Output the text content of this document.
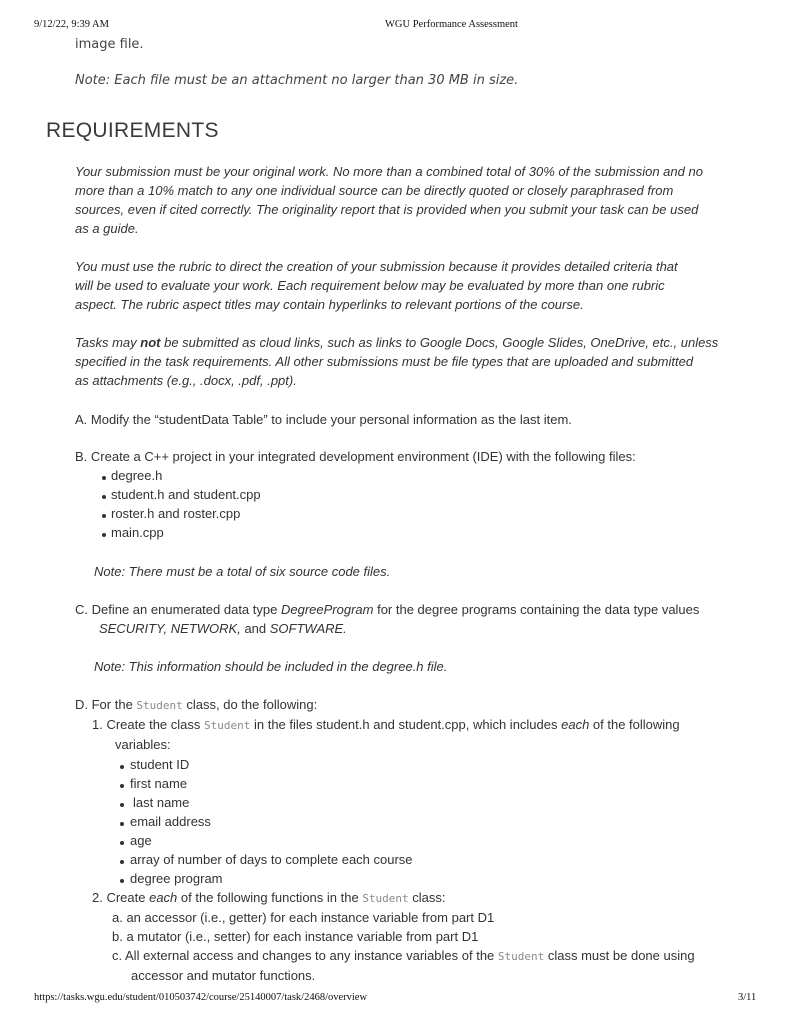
9/12/22, 9:39 AM	WGU Performance Assessment
image file.
Note: Each file must be an attachment no larger than 30 MB in size.
REQUIREMENTS
Your submission must be your original work. No more than a combined total of 30% of the submission and no
more than a 10% match to any one individual source can be directly quoted or closely paraphrased from
sources, even if cited correctly. The originality report that is provided when you submit your task can be used
as a guide.
You must use the rubric to direct the creation of your submission because it provides detailed criteria that
will be used to evaluate your work. Each requirement below may be evaluated by more than one rubric
aspect. The rubric aspect titles may contain hyperlinks to relevant portions of the course.
Tasks may not be submitted as cloud links, such as links to Google Docs, Google Slides, OneDrive, etc., unless
specified in the task requirements. All other submissions must be file types that are uploaded and submitted
as attachments (e.g., .docx, .pdf, .ppt).
A. Modify the “studentData Table” to include your personal information as the last item.
B. Create a C++ project in your integrated development environment (IDE) with the following files:
degree.h
student.h and student.cpp
roster.h and roster.cpp
main.cpp
Note: There must be a total of six source code files.
C. Define an enumerated data type DegreeProgram for the degree programs containing the data type values
SECURITY, NETWORK, and SOFTWARE.
Note: This information should be included in the degree.h file.
D. For the Student class, do the following:
1. Create the class Student in the files student.h and student.cpp, which includes each of the following
variables:
student ID
first name
last name
email address
age
array of number of days to complete each course
degree program
2. Create each of the following functions in the Student class:
a. an accessor (i.e., getter) for each instance variable from part D1
b. a mutator (i.e., setter) for each instance variable from part D1
c. All external access and changes to any instance variables of the Student class must be done using
accessor and mutator functions.
https://tasks.wgu.edu/student/010503742/course/25140007/task/2468/overview	3/11
